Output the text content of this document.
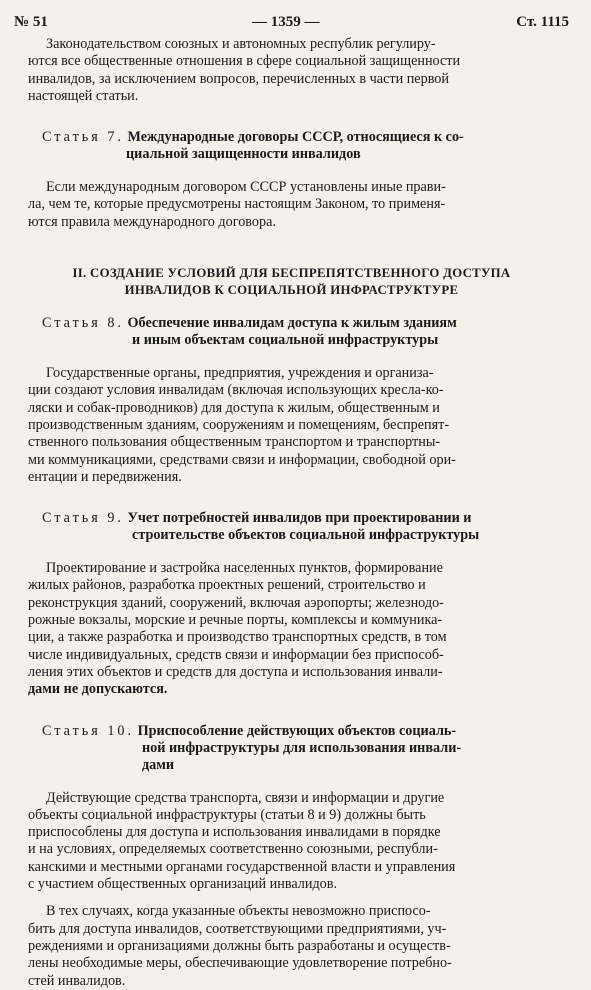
№ 51	— 1359 —	Ст. 1115

Законодательством союзных и автономных республик регулиру-

ются все общественные отношения в сфере социальной защищенности

инвалидов, за исключением вопросов, перечисленных в части первой

настоящей статьи.

Статья 7. Международные договоры СССР, относящиеся к со-
циальной защищенности инвалидов

Если международным договором СССР установлены иные прави-

ла, чем те, которые предусмотрены настоящим Законом, то применя-

ются правила международного договора.

II. СОЗДАНИЕ УСЛОВИЙ ДЛЯ БЕСПРЕПЯТСТВЕННОГО ДОСТУПА

ИНВАЛИДОВ К СОЦИАЛЬНОЙ ИНФРАСТРУКТУРЕ

Статья 8. Обеспечение инвалидам доступа к жилым зданиям
и иным объектам социальной инфраструктуры

Государственные органы, предприятия, учреждения и организа-

ции создают условия инвалидам (включая использующих кресла-ко-

ляски и собак-проводников) для доступа к жилым, общественным и

производственным зданиям, сооружениям и помещениям, беспрепят-

ственного пользования общественным транспортом и транспортны-

ми коммуникациями, средствами связи и информации, свободной ори-

ентации и передвижения.

Статья 9. Учет потребностей инвалидов при проектировании и
строительстве объектов социальной инфраструктуры

Проектирование и застройка населенных пунктов, формирование

жилых районов, разработка проектных решений, строительство и

реконструкция зданий, сооружений, включая аэропорты; железнодо-

рожные вокзалы, морские и речные порты, комплексы и коммуника-

ции, а также разработка и производство транспортных средств, в том

числе индивидуальных, средств связи и информации без приспособ-

ления этих объектов и средств для доступа и использования инвали-

дами не допускаются.

Статья 10. Приспособление действующих объектов социаль-
ной инфраструктуры для использования инвали-
дами

Действующие средства транспорта, связи и информации и другие

объекты социальной инфраструктуры (статьи 8 и 9) должны быть

приспособлены для доступа и использования инвалидами в порядке

и на условиях, определяемых соответственно союзными, республи-

канскими и местными органами государственной власти и управления

с участием общественных организаций инвалидов.

В тех случаях, когда указанные объекты невозможно приспосо-

бить для доступа инвалидов, соответствующими предприятиями, уч-

реждениями и организациями должны быть разработаны и осуществ-

лены необходимые меры, обеспечивающие удовлетворение потребно-

стей инвалидов.
